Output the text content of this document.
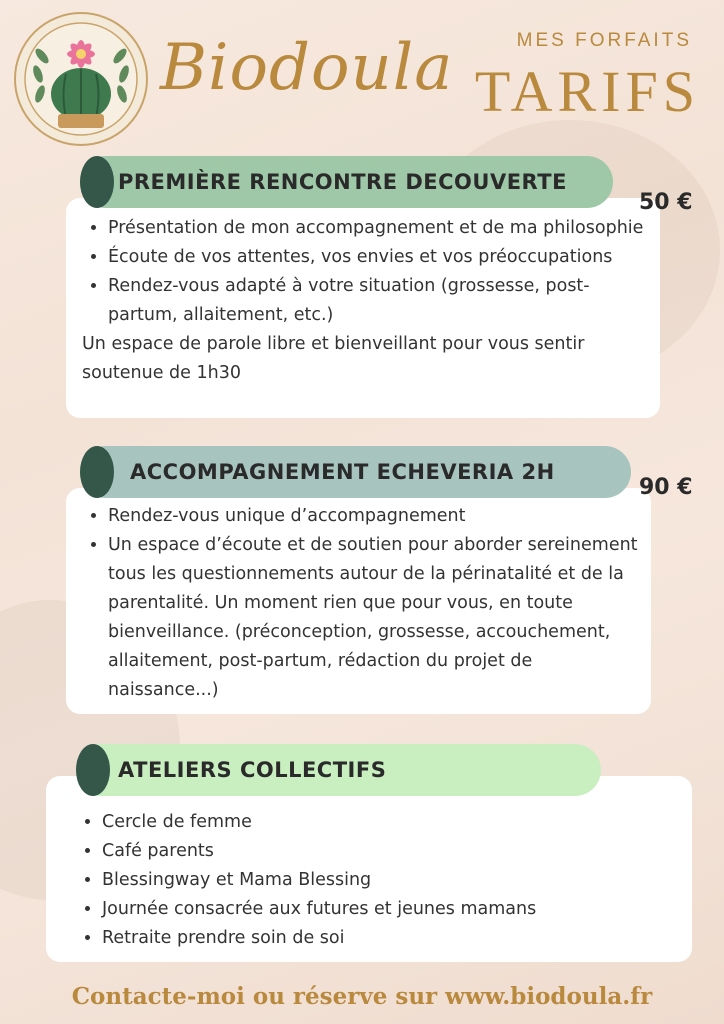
Biodoula	MES FORFAITS
TARIFS
• Présentation de mon accompagnement et de ma philosophie
• Écoute de vos attentes, vos envies et vos préoccupations
• Rendez-vous adapté à votre situation (grossesse, post-partum, allaitement, etc.)

Un espace de parole libre et bienveillant pour vous sentir soutenue de 1h30

PREMIÈRE RENCONTRE DECOUVERTE
50 €
• Rendez-vous unique d’accompagnement
• Un espace d’écoute et de soutien pour aborder sereinement tous les questionnements autour de la périnatalité et de la parentalité. Un moment rien que pour vous, en toute bienveillance. (préconception, grossesse, accouchement, allaitement, post-partum, rédaction du projet de naissance...)
ACCOMPAGNEMENT ECHEVERIA 2H
90 €
• Cercle de femme
• Café parents
• Blessingway et Mama Blessing
• Journée consacrée aux futures et jeunes mamans
• Retraite prendre soin de soi
ATELIERS COLLECTIFS
Contacte-moi ou réserve sur www.biodoula.fr
